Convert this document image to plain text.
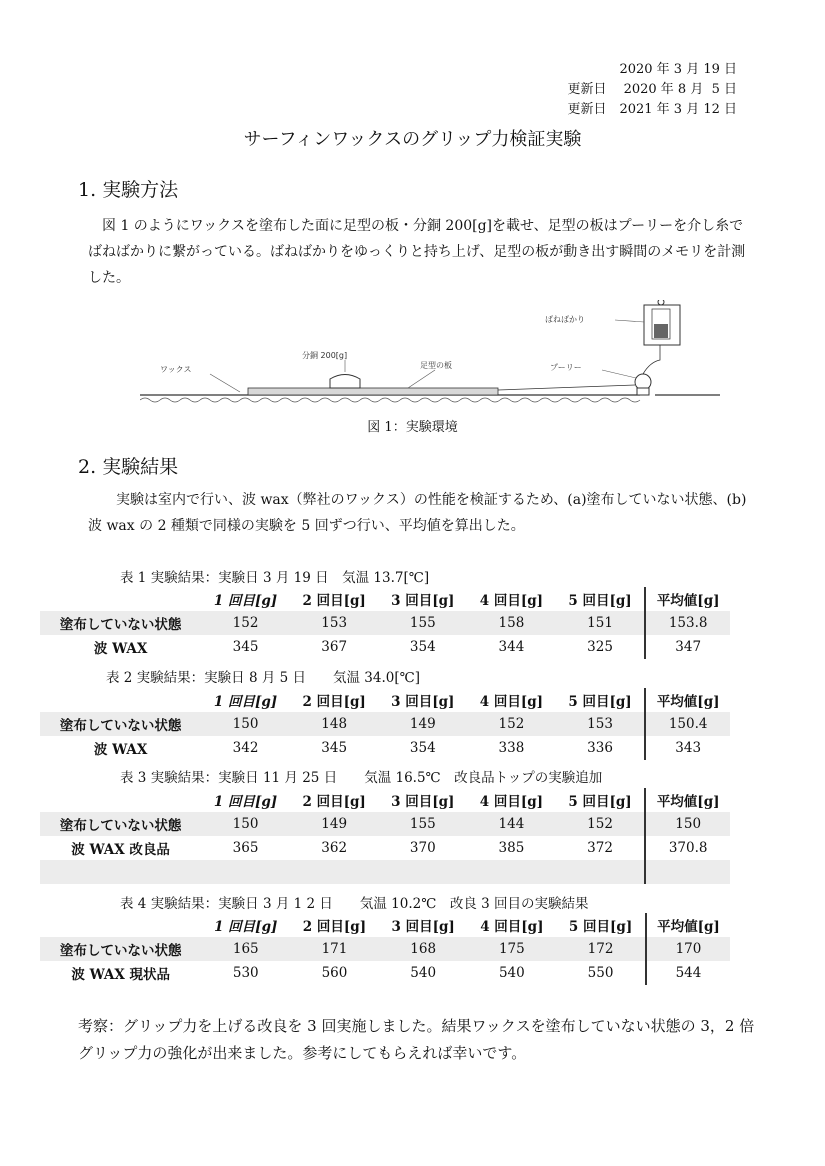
2020 年 3 月 19 日
更新日　 2020 年 8 月  5 日
更新日　2021 年 3 月 12 日
サーフィンワックスのグリップ力検証実験
1. 実験方法
図 1 のようにワックスを塗布した面に足型の板・分銅 200[g]を載せ、足型の板はプーリーを介し糸でばねばかりに繋がっている。ばねばかりをゆっくりと持ち上げ、足型の板が動き出す瞬間のメモリを計測した。
ワックス
分銅 200[g]
足型の板	プーリー
ばねばかり
図 1：実験環境
2. 実験結果
実験は室内で行い、波 wax（弊社のワックス）の性能を検証するため、(a)塗布していない状態、(b)波 wax の 2 種類で同様の実験を 5 回ずつ行い、平均値を算出した。
表 1 実験結果：実験日 3 月 19 日　気温 13.7[℃]
	1 回目[g]	2 回目[g]	3 回目[g]	4 回目[g]	5 回目[g]	平均値[g]
塗布していない状態	152	153	155	158	151	153.8
波 WAX	345	367	354	344	325	347
表 2 実験結果：実験日 8 月 5 日　　気温 34.0[℃]
	1 回目[g]	2 回目[g]	3 回目[g]	4 回目[g]	5 回目[g]	平均値[g]
塗布していない状態	150	148	149	152	153	150.4
波 WAX	342	345	354	338	336	343
表 3 実験結果：実験日 11 月 25 日　　気温 16.5℃　改良品トップの実験追加
	1 回目[g]	2 回目[g]	3 回目[g]	4 回目[g]	5 回目[g]	平均値[g]
塗布していない状態	150	149	155	144	152	150
波 WAX 改良品	365	362	370	385	372	370.8

表 4 実験結果：実験日 3 月 1 2 日　　気温 10.2℃　改良 3 回目の実験結果
	1 回目[g]	2 回目[g]	3 回目[g]	4 回目[g]	5 回目[g]	平均値[g]
塗布していない状態	165	171	168	175	172	170
波 WAX 現状品	530	560	540	540	550	544
考察：グリップ力を上げる改良を 3 回実施しました。結果ワックスを塗布していない状態の 3，2 倍グリップ力の強化が出来ました。参考にしてもらえれば幸いです。
